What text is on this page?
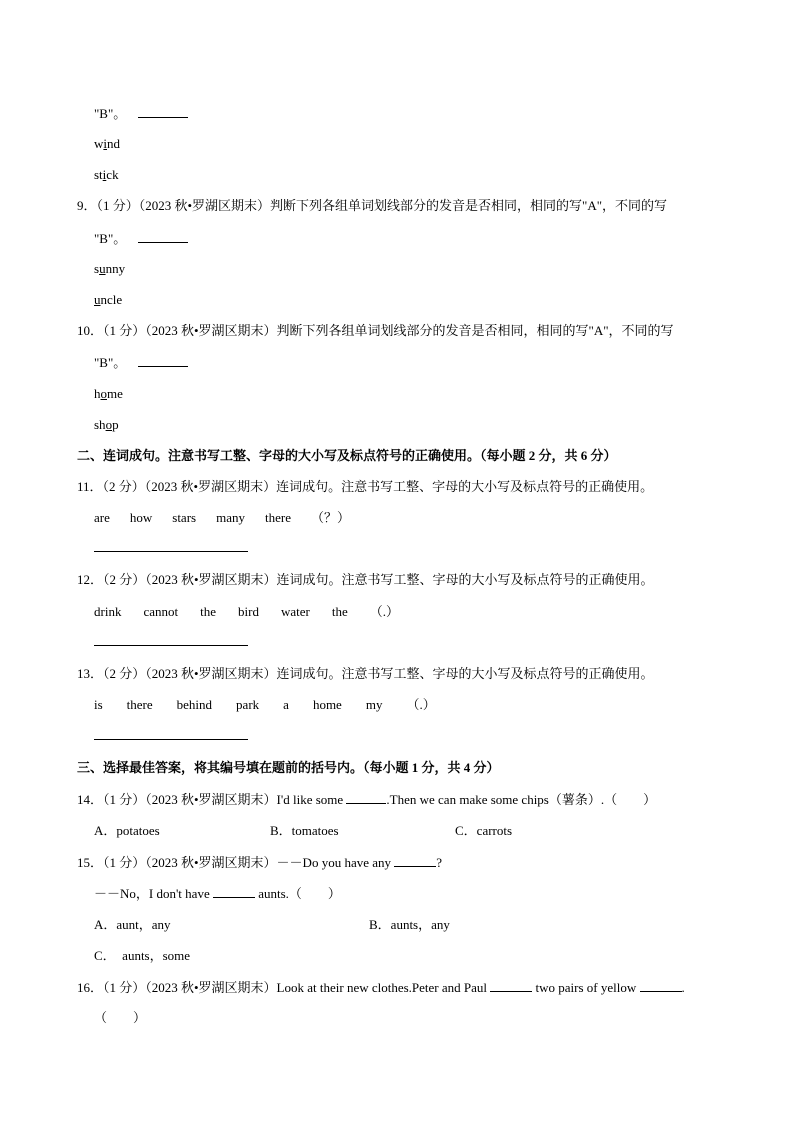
"B"。
wind
stick
9．（1 分）（2023 秋•罗湖区期末）判断下列各组单词划线部分的发音是否相同，相同的写"A"，不同的写
"B"。
sunny
uncle
10．（1 分）（2023 秋•罗湖区期末）判断下列各组单词划线部分的发音是否相同，相同的写"A"，不同的写
"B"。
home
shop
二、连词成句。注意书写工整、字母的大小写及标点符号的正确使用。（每小题 2 分，共 6 分）
11．（2 分）（2023 秋•罗湖区期末）连词成句。注意书写工整、字母的大小写及标点符号的正确使用。
are how stars many there （？）
12．（2 分）（2023 秋•罗湖区期末）连词成句。注意书写工整、字母的大小写及标点符号的正确使用。
drink cannot the bird water the （.）
13．（2 分）（2023 秋•罗湖区期末）连词成句。注意书写工整、字母的大小写及标点符号的正确使用。
is there behind park a home my （.）
三、选择最佳答案，将其编号填在题前的括号内。（每小题 1 分，共 4 分）
14．（1 分）（2023 秋•罗湖区期末）I'd like some	.Then we can make some chips（薯条）.（　　）
A．potatoes	B．tomatoes	C．carrots
15．（1 分）（2023 秋•罗湖区期末）－－Do you have any	?
－－No，I don't have	aunts.（　　）
A．aunt，any	B．aunts，any
C．　aunts，some
16．（1 分）（2023 秋•罗湖区期末）Look at their new clothes.Peter and Paul	two pairs of yellow	.
（　　）
